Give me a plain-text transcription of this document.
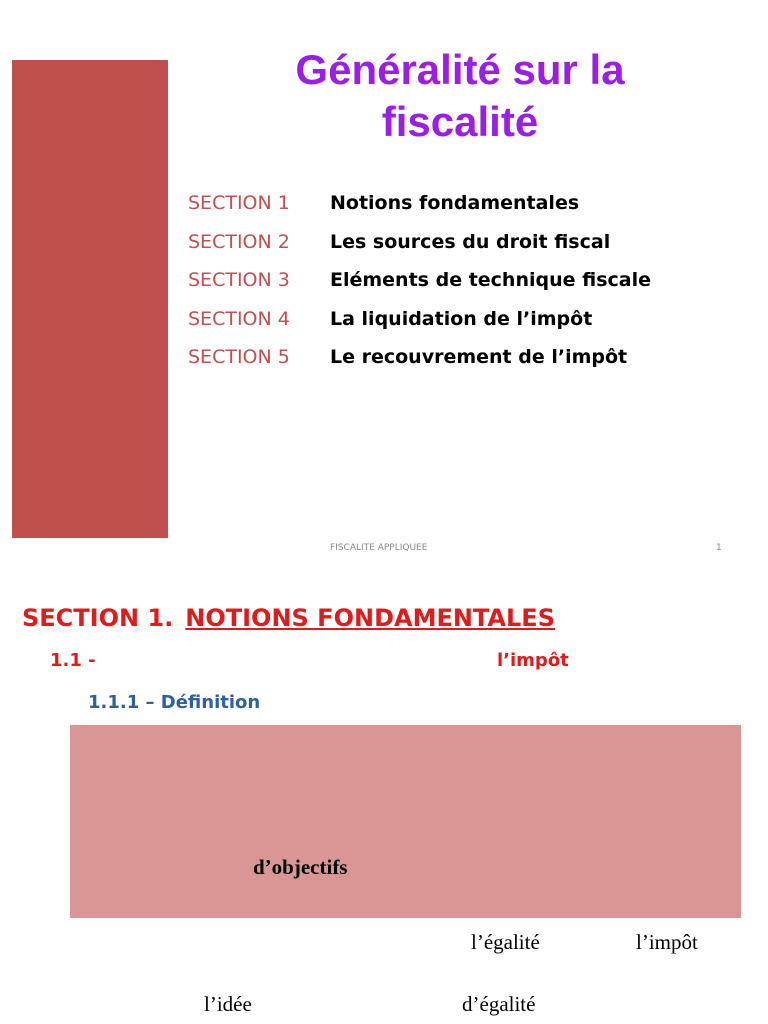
Généralité sur la
fiscalité
SECTION 1	Notions fondamentales
SECTION 2	Les sources du droit fiscal
SECTION 3	Eléments de technique fiscale
SECTION 4	La liquidation de l’impôt
SECTION 5	Le recouvrement de l’impôt
FISCALITE APPLIQUEE	1
SECTION 1. NOTIONS FONDAMENTALES
1.1 -	l’impôt
1.1.1 – Définition
d’objectifs
l’égalité	l’impôt
l’idée	d’égalité
